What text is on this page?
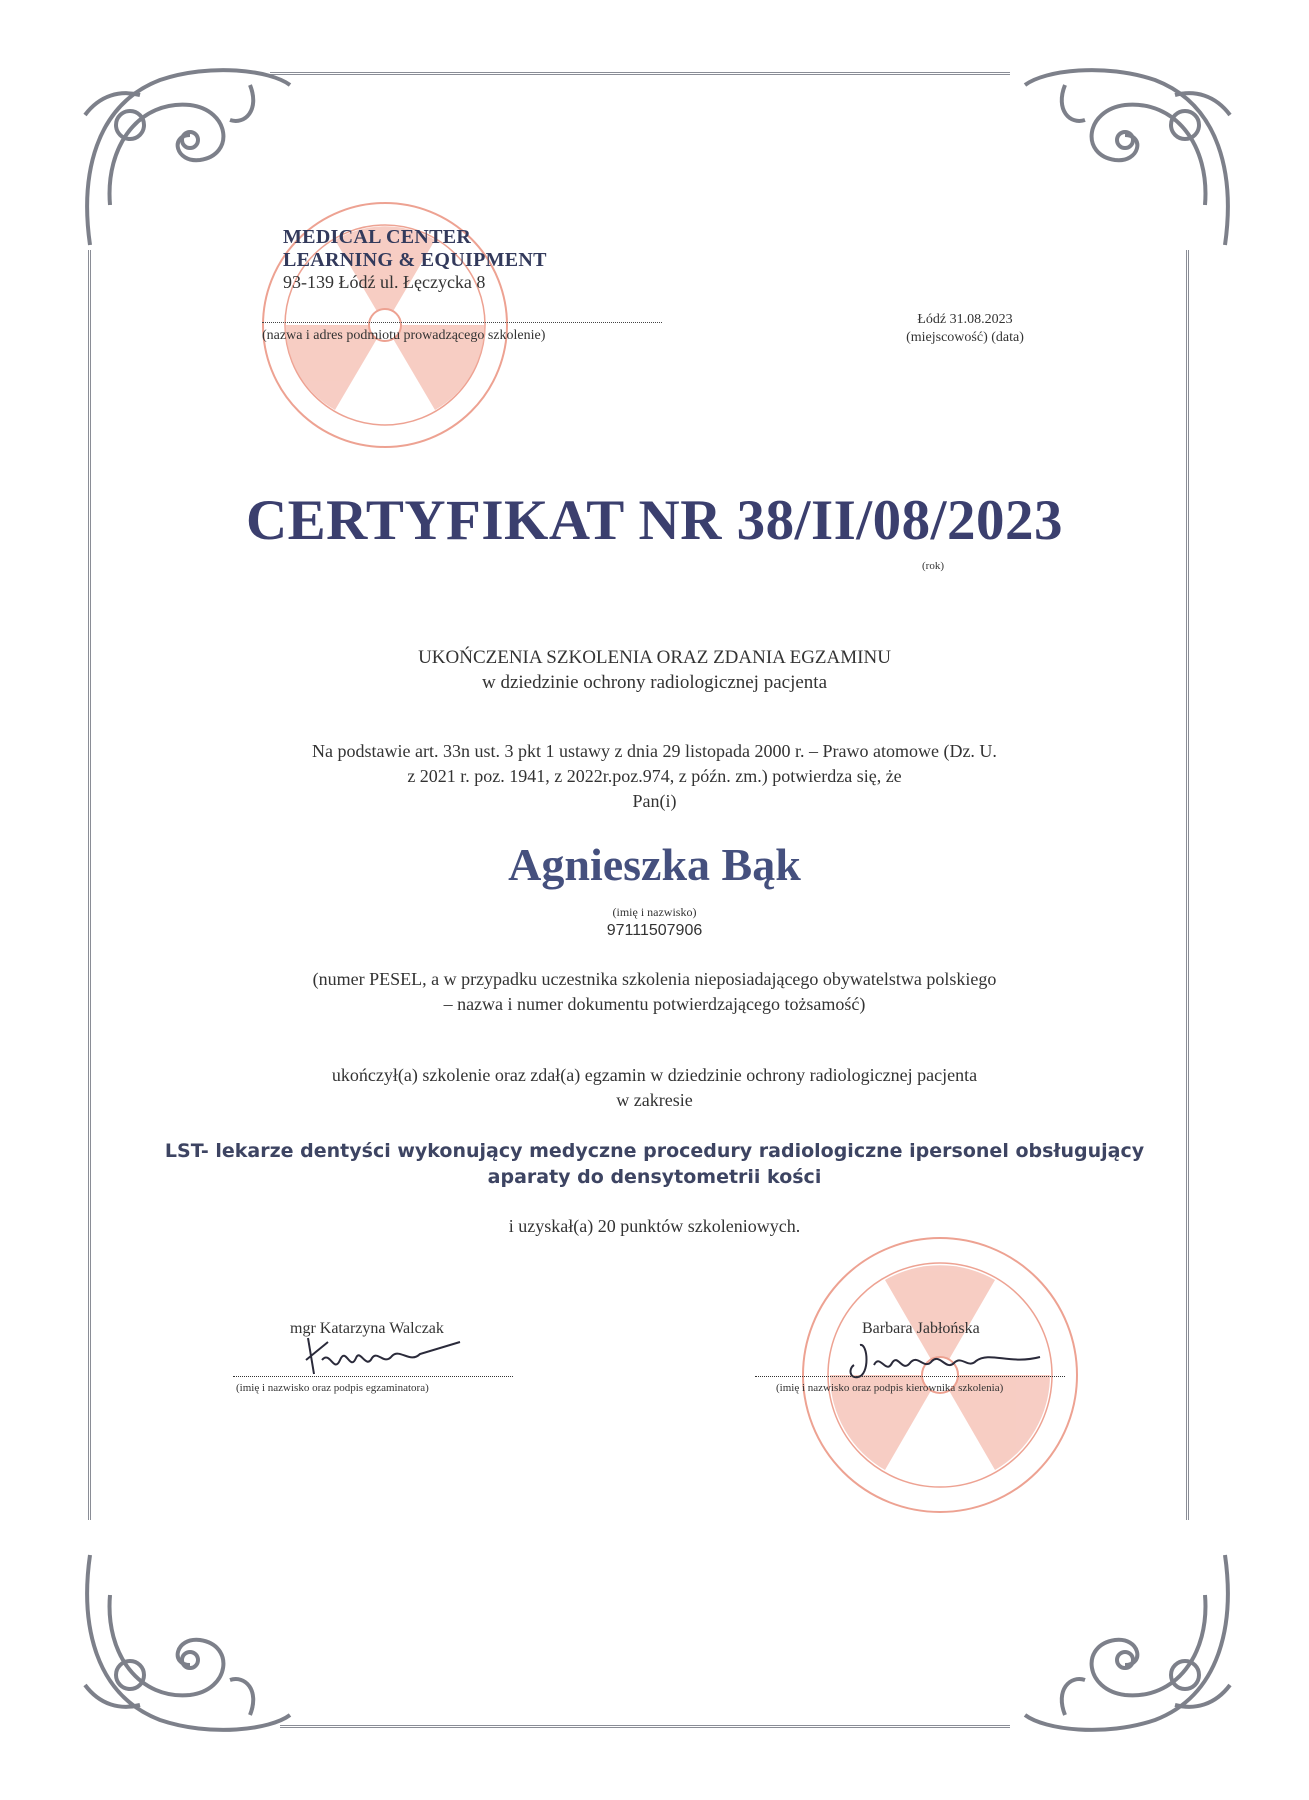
MEDICAL CENTER
LEARNING & EQUIPMENT
93-139 Łódź ul. Łęczycka 8
(nazwa i adres podmiotu prowadzącego szkolenie)
Łódź 31.08.2023
(miejscowość) (data)
CERTYFIKAT NR 38/II/08/2023
(rok)
UKOŃCZENIA SZKOLENIA ORAZ ZDANIA EGZAMINU
w dziedzinie ochrony radiologicznej pacjenta
Na podstawie art. 33n ust. 3 pkt 1 ustawy z dnia 29 listopada 2000 r. – Prawo atomowe (Dz. U.
z 2021 r. poz. 1941, z 2022r.poz.974, z późn. zm.) potwierdza się, że
Pan(i)
Agnieszka Bąk
(imię i nazwisko)
97111507906
(numer PESEL, a w przypadku uczestnika szkolenia nieposiadającego obywatelstwa polskiego
– nazwa i numer dokumentu potwierdzającego tożsamość)
ukończył(a) szkolenie oraz zdał(a) egzamin w dziedzinie ochrony radiologicznej pacjenta
w zakresie
LST- lekarze dentyści wykonujący medyczne procedury radiologiczne ipersonel obsługujący
aparaty do densytometrii kości
i uzyskał(a) 20 punktów szkoleniowych.
mgr Katarzyna Walczak
(imię i nazwisko oraz podpis egzaminatora)
Barbara Jabłońska
(imię i nazwisko oraz podpis kierownika szkolenia)
